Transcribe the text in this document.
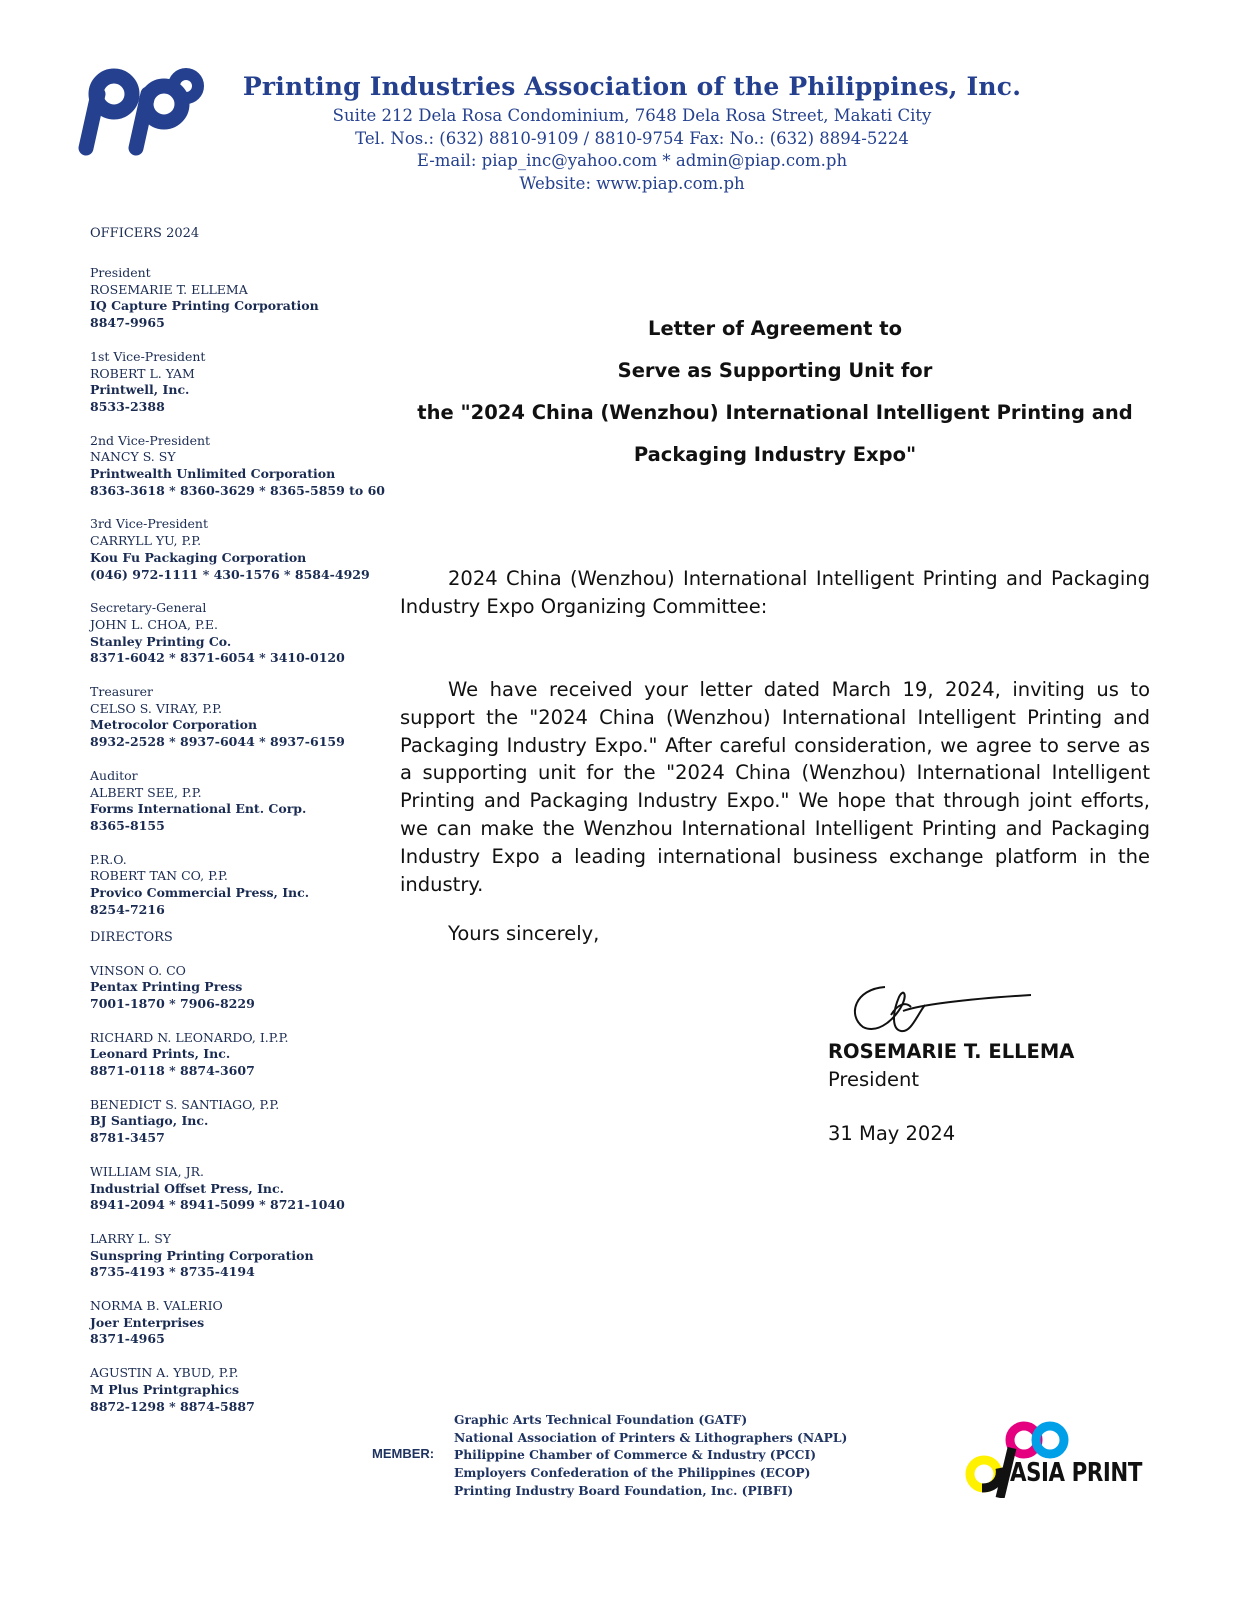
Printing Industries Association of the Philippines, Inc.
Suite 212 Dela Rosa Condominium, 7648 Dela Rosa Street, Makati City
Tel. Nos.: (632) 8810-9109 / 8810-9754 Fax: No.: (632) 8894-5224
E-mail: piap_inc@yahoo.com * admin@piap.com.ph
Website: www.piap.com.ph
OFFICERS 2024
President
ROSEMARIE T. ELLEMA
IQ Capture Printing Corporation
8847-9965
1st Vice-President
ROBERT L. YAM
Printwell, Inc.
8533-2388
2nd Vice-President
NANCY S. SY
Printwealth Unlimited Corporation
8363-3618 * 8360-3629 * 8365-5859 to 60
3rd Vice-President
CARRYLL YU, P.P.
Kou Fu Packaging Corporation
(046) 972-1111 * 430-1576 * 8584-4929
Secretary-General
JOHN L. CHOA, P.E.
Stanley Printing Co.
8371-6042 * 8371-6054 * 3410-0120
Treasurer
CELSO S. VIRAY, P.P.
Metrocolor Corporation
8932-2528 * 8937-6044 * 8937-6159
Auditor
ALBERT SEE, P.P.
Forms International Ent. Corp.
8365-8155
P.R.O.
ROBERT TAN CO, P.P.
Provico Commercial Press, Inc.
8254-7216
DIRECTORS
VINSON O. CO
Pentax Printing Press
7001-1870 * 7906-8229
RICHARD N. LEONARDO, I.P.P.
Leonard Prints, Inc.
8871-0118 * 8874-3607
BENEDICT S. SANTIAGO, P.P.
BJ Santiago, Inc.
8781-3457
WILLIAM SIA, JR.
Industrial Offset Press, Inc.
8941-2094 * 8941-5099 * 8721-1040
LARRY L. SY
Sunspring Printing Corporation
8735-4193 * 8735-4194
NORMA B. VALERIO
Joer Enterprises
8371-4965
AGUSTIN A. YBUD, P.P.
M Plus Printgraphics
8872-1298 * 8874-5887
Letter of Agreement to
Serve as Supporting Unit for
the "2024 China (Wenzhou) International Intelligent Printing and
Packaging Industry Expo"
2024 China (Wenzhou) International Intelligent Printing and Packaging Industry Expo Organizing Committee:
We have received your letter dated March 19, 2024, inviting us to support the "2024 China (Wenzhou) International Intelligent Printing and Packaging Industry Expo." After careful consideration, we agree to serve as a supporting unit for the "2024 China (Wenzhou) International Intelligent Printing and Packaging Industry Expo." We hope that through joint efforts, we can make the Wenzhou International Intelligent Printing and Packaging Industry Expo a leading international business exchange platform in the industry.
Yours sincerely,
ROSEMARIE T. ELLEMA
President
31 May 2024
MEMBER:
Graphic Arts Technical Foundation (GATF)
National Association of Printers & Lithographers (NAPL)
Philippine Chamber of Commerce & Industry (PCCI)
Employers Confederation of the Philippines (ECOP)
Printing Industry Board Foundation, Inc. (PIBFI)
ASIA PRINT
